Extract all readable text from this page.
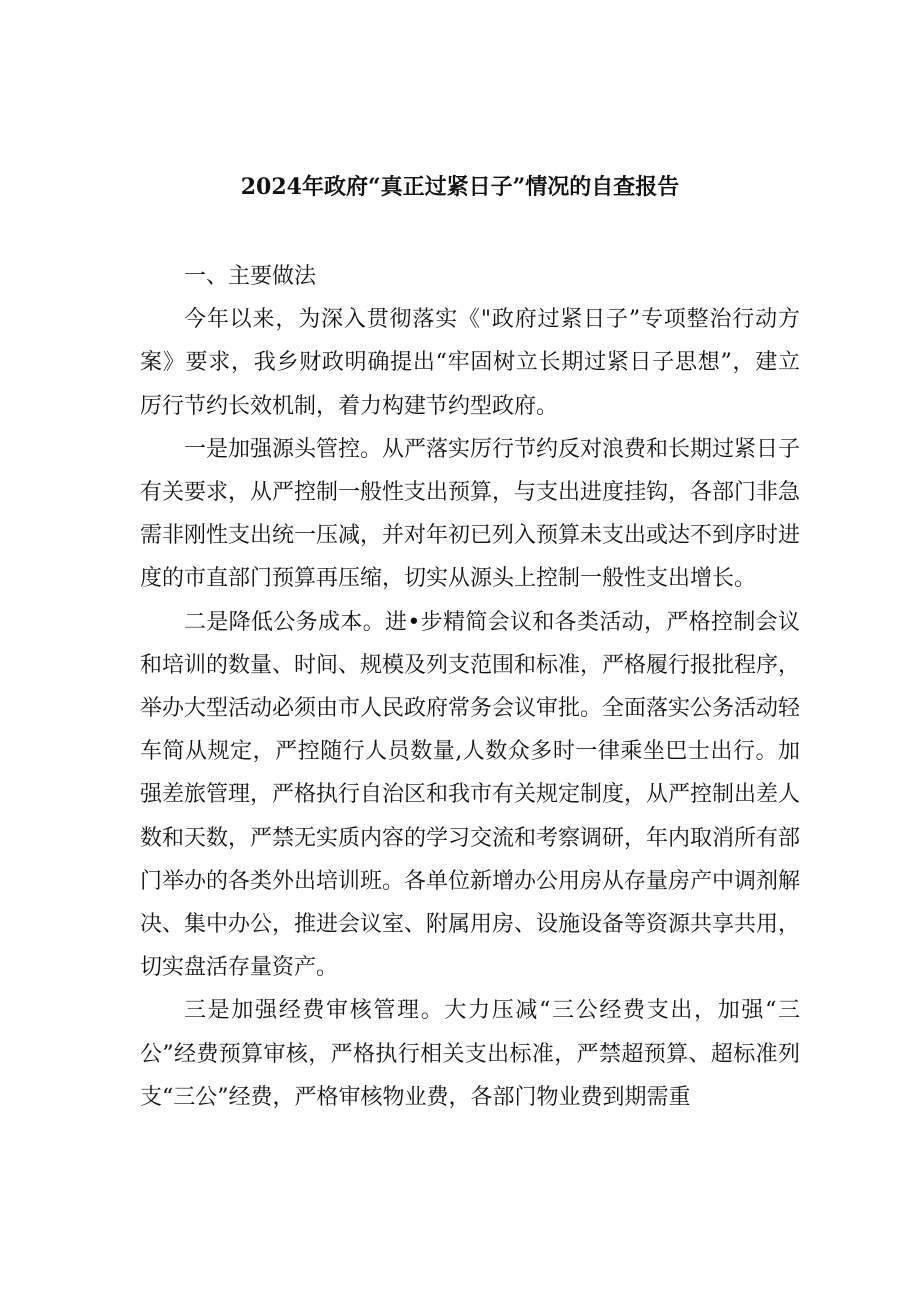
2024年政府“真正过紧日子”情况的自查报告

一、主要做法

今年以来，为深入贯彻落实《"政府过紧日子”专项整治行动方案》要求，我乡财政明确提出“牢固树立长期过紧日子思想”，建立厉行节约长效机制，着力构建节约型政府。

一是加强源头管控。从严落实厉行节约反对浪费和长期过紧日子有关要求，从严控制一般性支出预算，与支出进度挂钩，各部门非急需非刚性支出统一压减，并对年初已列入预算未支出或达不到序时进度的市直部门预算再压缩，切实从源头上控制一般性支出增长。

二是降低公务成本。进•步精简会议和各类活动，严格控制会议和培训的数量、时间、规模及列支范围和标准，严格履行报批程序，举办大型活动必须由市人民政府常务会议审批。全面落实公务活动轻车简从规定，严控随行人员数量,人数众多时一律乘坐巴士出行。加强差旅管理，严格执行自治区和我市有关规定制度，从严控制出差人数和天数，严禁无实质内容的学习交流和考察调研，年内取消所有部门举办的各类外出培训班。各单位新增办公用房从存量房产中调剂解决、集中办公，推进会议室、附属用房、设施设备等资源共享共用，切实盘活存量资产。

三是加强经费审核管理。大力压减“三公经费支出，加强“三公”经费预算审核，严格执行相关支出标准，严禁超预算、超标准列支“三公”经费，严格审核物业费，各部门物业费到期需重
